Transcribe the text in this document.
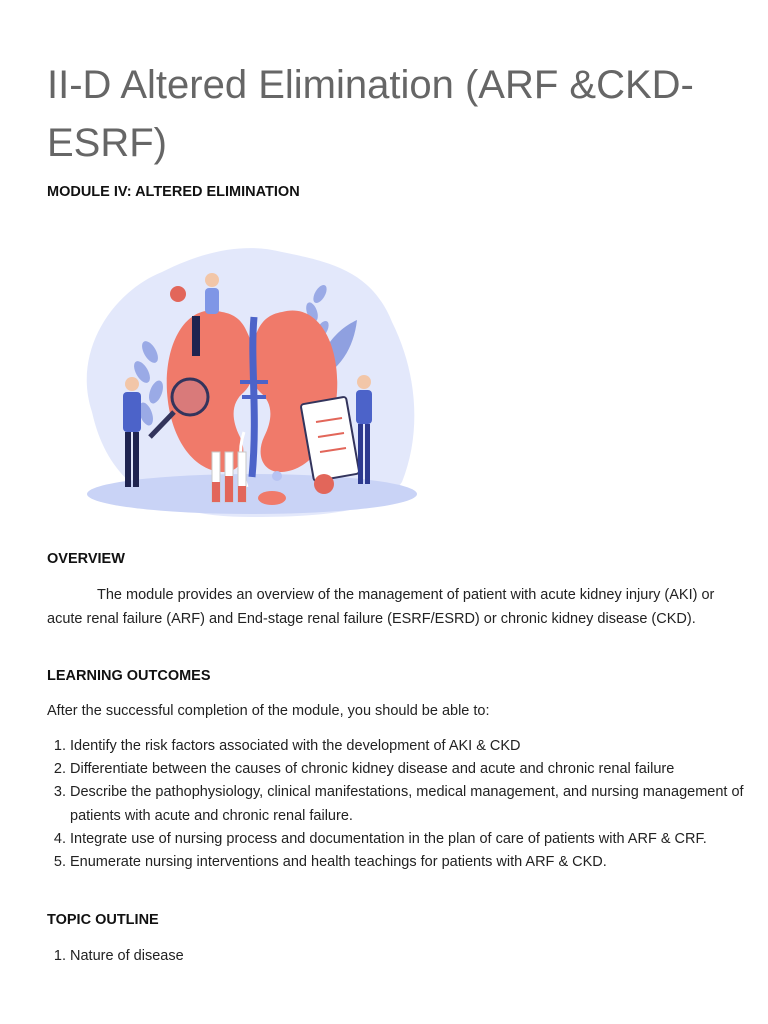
II-D Altered Elimination (ARF &CKD-ESRF)
MODULE IV: ALTERED ELIMINATION
OVERVIEW

The module provides an overview of the management of patient with acute kidney injury (AKI) or acute renal failure (ARF) and End-stage renal failure (ESRF/ESRD) or chronic kidney disease (CKD).

LEARNING OUTCOMES

After the successful completion of the module, you should be able to:

1. Identify the risk factors associated with the development of AKI & CKD
2. Differentiate between the causes of chronic kidney disease and acute and chronic renal failure
3. Describe the pathophysiology, clinical manifestations, medical management, and nursing management of patients with acute and chronic renal failure.
4. Integrate use of nursing process and documentation in the plan of care of patients with ARF & CRF.
5. Enumerate nursing interventions and health teachings for patients with ARF & CKD.
TOPIC OUTLINE
1. Nature of disease
